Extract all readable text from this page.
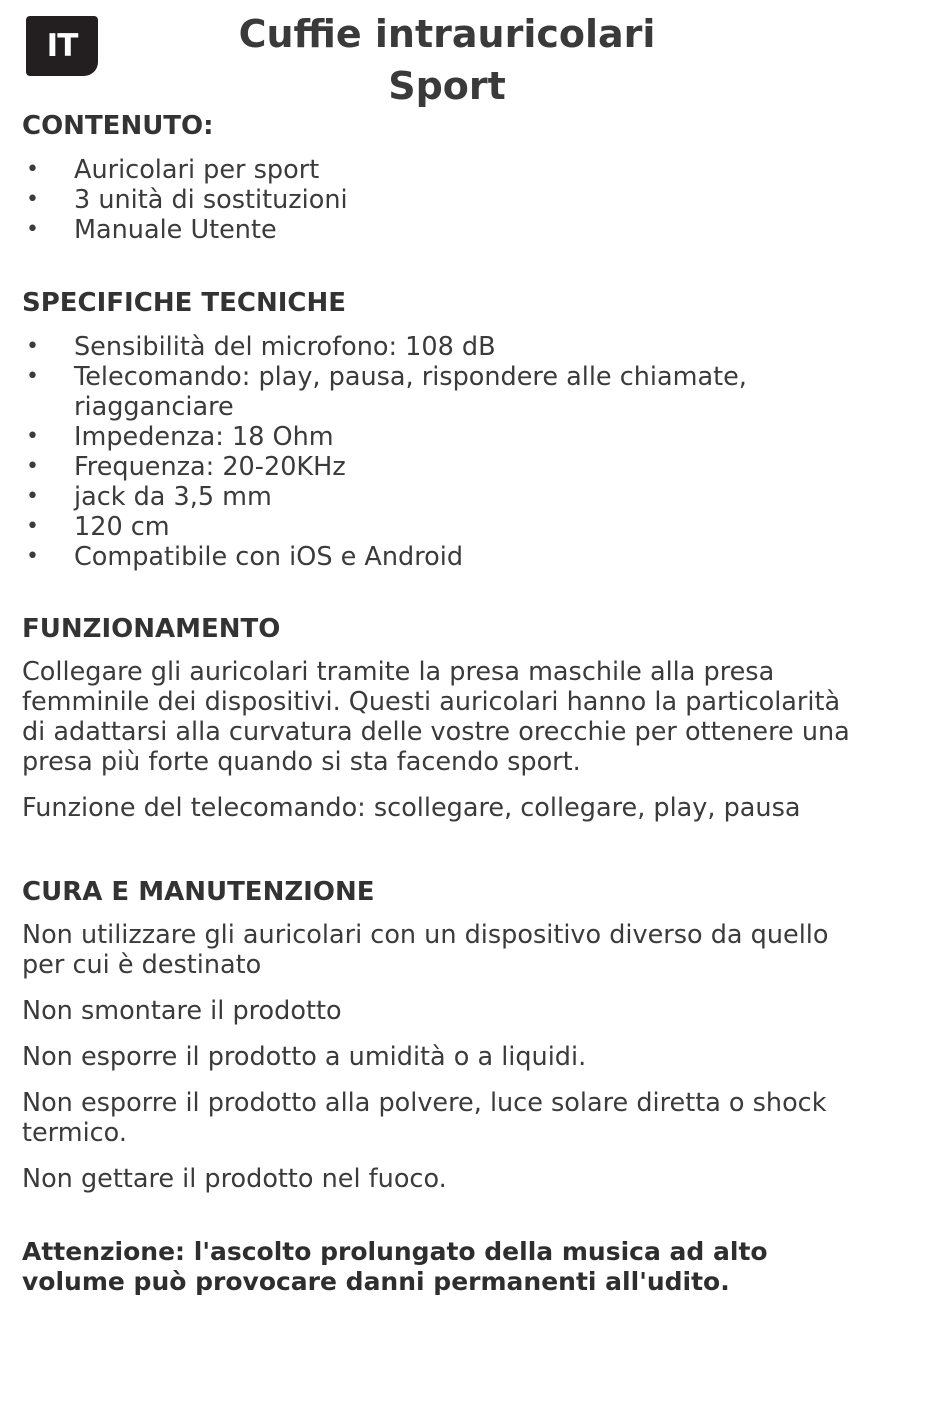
IT	Cuffie intrauricolari
Sport
CONTENUTO:
• Auricolari per sport
• 3 unità di sostituzioni
• Manuale Utente
SPECIFICHE TECNICHE
• Sensibilità del microfono: 108 dB
• Telecomando: play, pausa, rispondere alle chiamate, riagganciare
• Impedenza: 18 Ohm
• Frequenza: 20-20KHz
• jack da 3,5 mm
• 120 cm
• Compatibile con iOS e Android
FUNZIONAMENTO

Collegare gli auricolari tramite la presa maschile alla presa femminile dei dispositivi. Questi auricolari hanno la particolarità di adattarsi alla curvatura delle vostre orecchie per ottenere una presa più forte quando si sta facendo sport.

Funzione del telecomando: scollegare, collegare, play, pausa

CURA E MANUTENZIONE

Non utilizzare gli auricolari con un dispositivo diverso da quello per cui è destinato

Non smontare il prodotto

Non esporre il prodotto a umidità o a liquidi.

Non esporre il prodotto alla polvere, luce solare diretta o shock termico.

Non gettare il prodotto nel fuoco.

Attenzione: l'ascolto prolungato della musica ad alto volume può provocare danni permanenti all'udito.
